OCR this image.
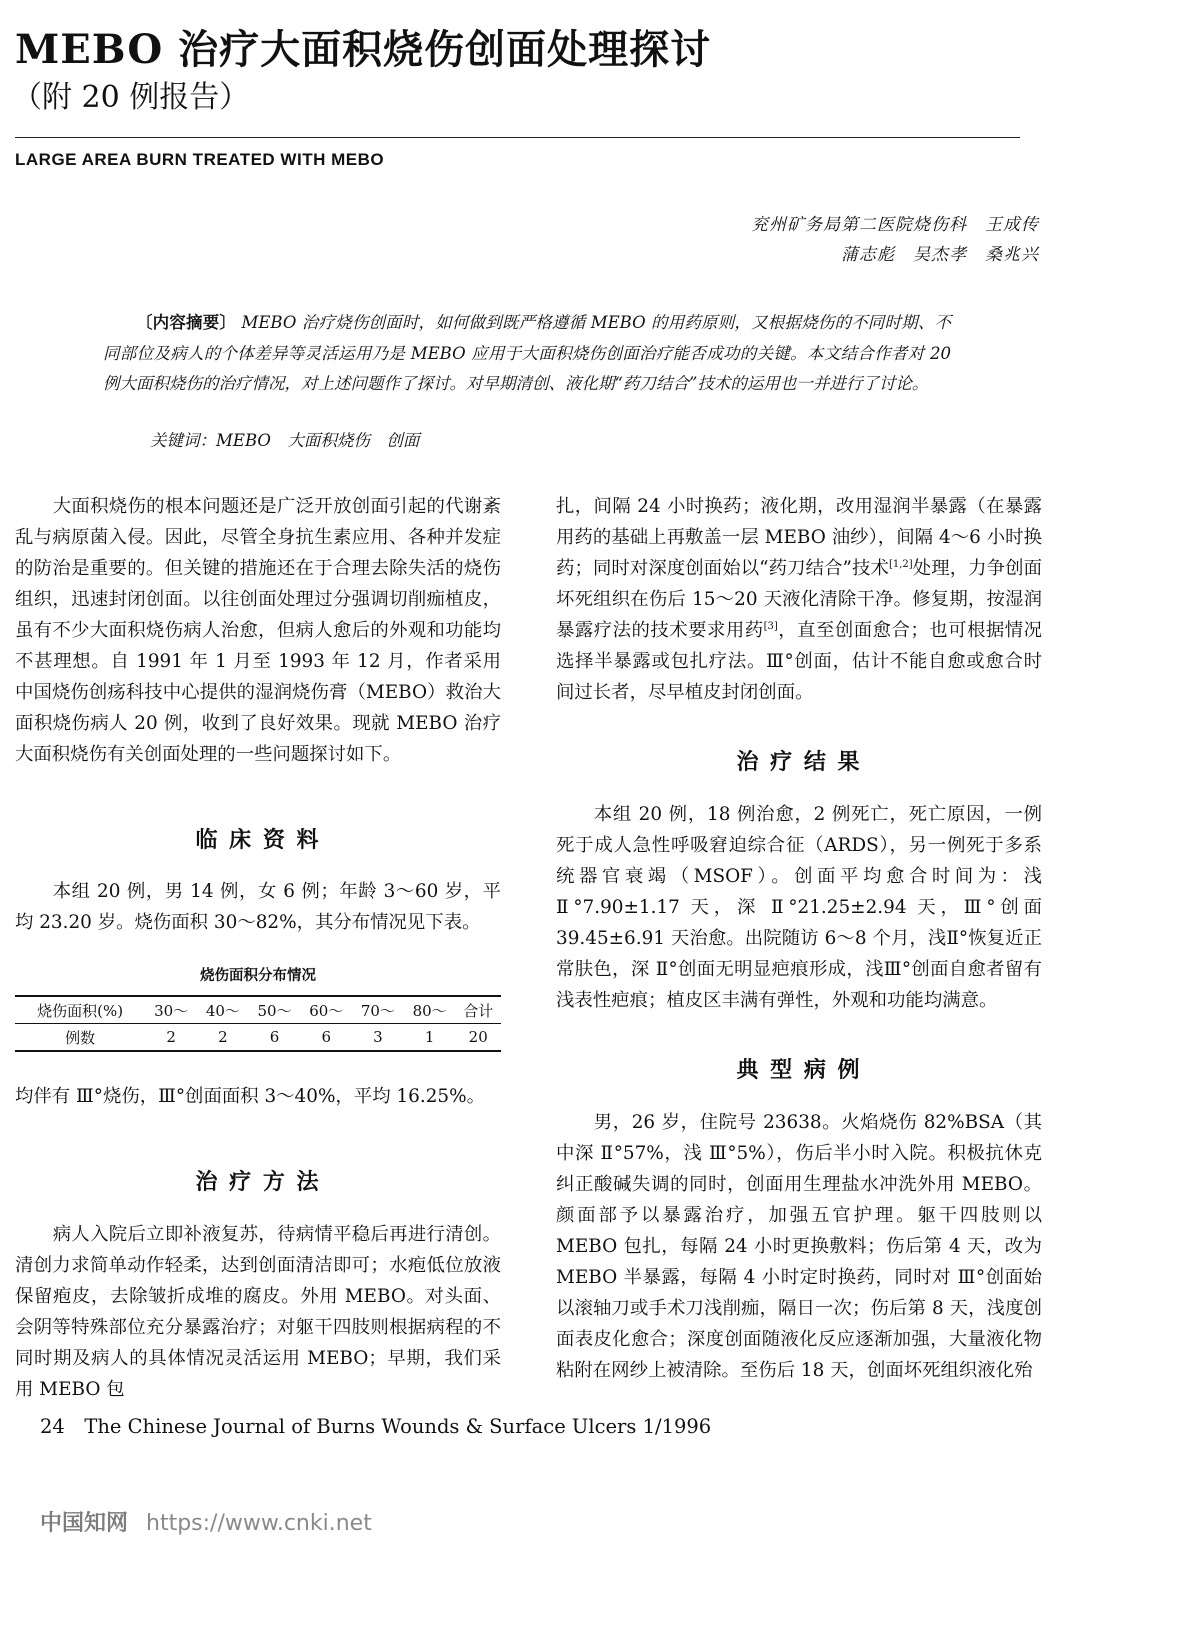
MEBO 治疗大面积烧伤创面处理探讨
（附 20 例报告）
LARGE AREA BURN TREATED WITH MEBO
兖州矿务局第二医院烧伤科　王成传
蒲志彪　吴杰孝　桑兆兴
〔内容摘要〕 MEBO 治疗烧伤创面时，如何做到既严格遵循 MEBO 的用药原则，又根据烧伤的不同时期、不同部位及病人的个体差异等灵活运用乃是 MEBO 应用于大面积烧伤创面治疗能否成功的关键。本文结合作者对 20 例大面积烧伤的治疗情况，对上述问题作了探讨。对早期清创、液化期“药刀结合”技术的运用也一并进行了讨论。
关键词：MEBO　大面积烧伤　创面
大面积烧伤的根本问题还是广泛开放创面引起的代谢紊乱与病原菌入侵。因此，尽管全身抗生素应用、各种并发症的防治是重要的。但关键的措施还在于合理去除失活的烧伤组织，迅速封闭创面。以往创面处理过分强调切削痂植皮，虽有不少大面积烧伤病人治愈，但病人愈后的外观和功能均不甚理想。自 1991 年 1 月至 1993 年 12 月，作者采用中国烧伤创疡科技中心提供的湿润烧伤膏（MEBO）救治大面积烧伤病人 20 例，收到了良好效果。现就 MEBO 治疗大面积烧伤有关创面处理的一些问题探讨如下。
临 床 资 料
本组 20 例，男 14 例，女 6 例；年龄 3～60 岁，平均 23.20 岁。烧伤面积 30～82%，其分布情况见下表。
烧伤面积分布情况
烧伤面积(%)	30～	40～	50～	60～	70～	80～	合计
例数	2	2	6	6	3	1	20
均伴有 Ⅲ°烧伤，Ⅲ°创面面积 3～40%，平均 16.25%。
治 疗 方 法
病人入院后立即补液复苏，待病情平稳后再进行清创。清创力求简单动作轻柔，达到创面清洁即可；水疱低位放液保留疱皮，去除皱折成堆的腐皮。外用 MEBO。对头面、会阴等特殊部位充分暴露治疗；对躯干四肢则根据病程的不同时期及病人的具体情况灵活运用 MEBO；早期，我们采用 MEBO 包
扎，间隔 24 小时换药；液化期，改用湿润半暴露（在暴露用药的基础上再敷盖一层 MEBO 油纱），间隔 4～6 小时换药；同时对深度创面始以“药刀结合”技术[1,2]处理，力争创面坏死组织在伤后 15～20 天液化清除干净。修复期，按湿润暴露疗法的技术要求用药[3]，直至创面愈合；也可根据情况选择半暴露或包扎疗法。Ⅲ°创面，估计不能自愈或愈合时间过长者，尽早植皮封闭创面。
治 疗 结 果
本组 20 例，18 例治愈，2 例死亡，死亡原因，一例死于成人急性呼吸窘迫综合征（ARDS），另一例死于多系统器官衰竭（MSOF）。创面平均愈合时间为：浅 Ⅱ°7.90±1.17 天，深 Ⅱ°21.25±2.94 天，Ⅲ°创面 39.45±6.91 天治愈。出院随访 6～8 个月，浅Ⅱ°恢复近正常肤色，深 Ⅱ°创面无明显疤痕形成，浅Ⅲ°创面自愈者留有浅表性疤痕；植皮区丰满有弹性，外观和功能均满意。
典 型 病 例
男，26 岁，住院号 23638。火焰烧伤 82%BSA（其中深 Ⅱ°57%，浅 Ⅲ°5%），伤后半小时入院。积极抗休克纠正酸碱失调的同时，创面用生理盐水冲洗外用 MEBO。颜面部予以暴露治疗，加强五官护理。躯干四肢则以 MEBO 包扎，每隔 24 小时更换敷料；伤后第 4 天，改为 MEBO 半暴露，每隔 4 小时定时换药，同时对 Ⅲ°创面始以滚轴刀或手术刀浅削痂，隔日一次；伤后第 8 天，浅度创面表皮化愈合；深度创面随液化反应逐渐加强，大量液化物粘附在网纱上被清除。至伤后 18 天，创面坏死组织液化殆
24　The Chinese Journal of Burns Wounds & Surface Ulcers 1/1996
中国知网 https://www.cnki.net
